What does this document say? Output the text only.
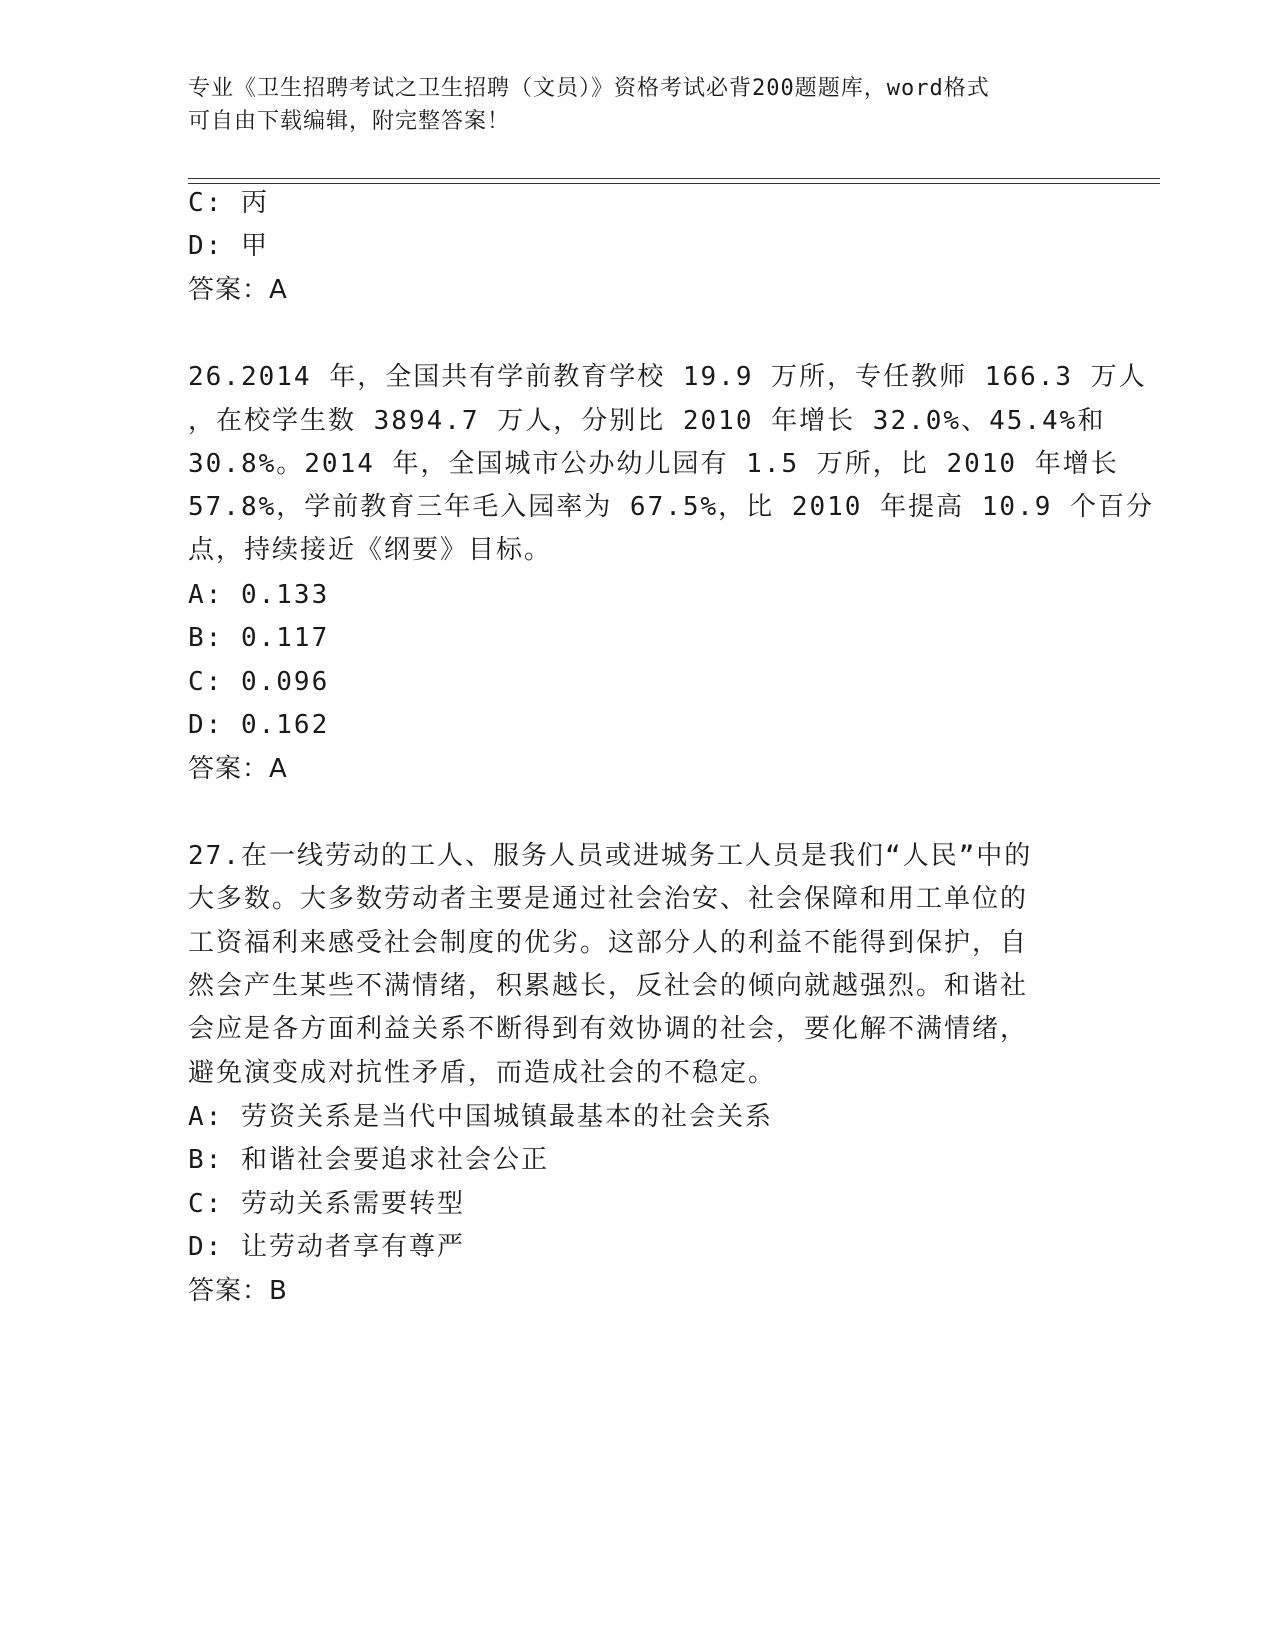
专业《卫生招聘考试之卫生招聘（文员）》资格考试必背200题题库，word格式
可自由下载编辑，附完整答案！
C: 丙
D: 甲
答案：A
26.2014 年，全国共有学前教育学校 19.9 万所，专任教师 166.3 万人
，在校学生数 3894.7 万人，分别比 2010 年增长 32.0%、45.4%和
30.8%。2014 年，全国城市公办幼儿园有 1.5 万所，比 2010 年增长
57.8%，学前教育三年毛入园率为 67.5%，比 2010 年提高 10.9 个百分
点，持续接近《纲要》目标。
A: 0.133
B: 0.117
C: 0.096
D: 0.162
答案：A
27.在一线劳动的工人、服务人员或进城务工人员是我们“人民”中的
大多数。大多数劳动者主要是通过社会治安、社会保障和用工单位的
工资福利来感受社会制度的优劣。这部分人的利益不能得到保护，自
然会产生某些不满情绪，积累越长，反社会的倾向就越强烈。和谐社
会应是各方面利益关系不断得到有效协调的社会，要化解不满情绪，
避免演变成对抗性矛盾，而造成社会的不稳定。
A: 劳资关系是当代中国城镇最基本的社会关系
B: 和谐社会要追求社会公正
C: 劳动关系需要转型
D: 让劳动者享有尊严
答案：B
